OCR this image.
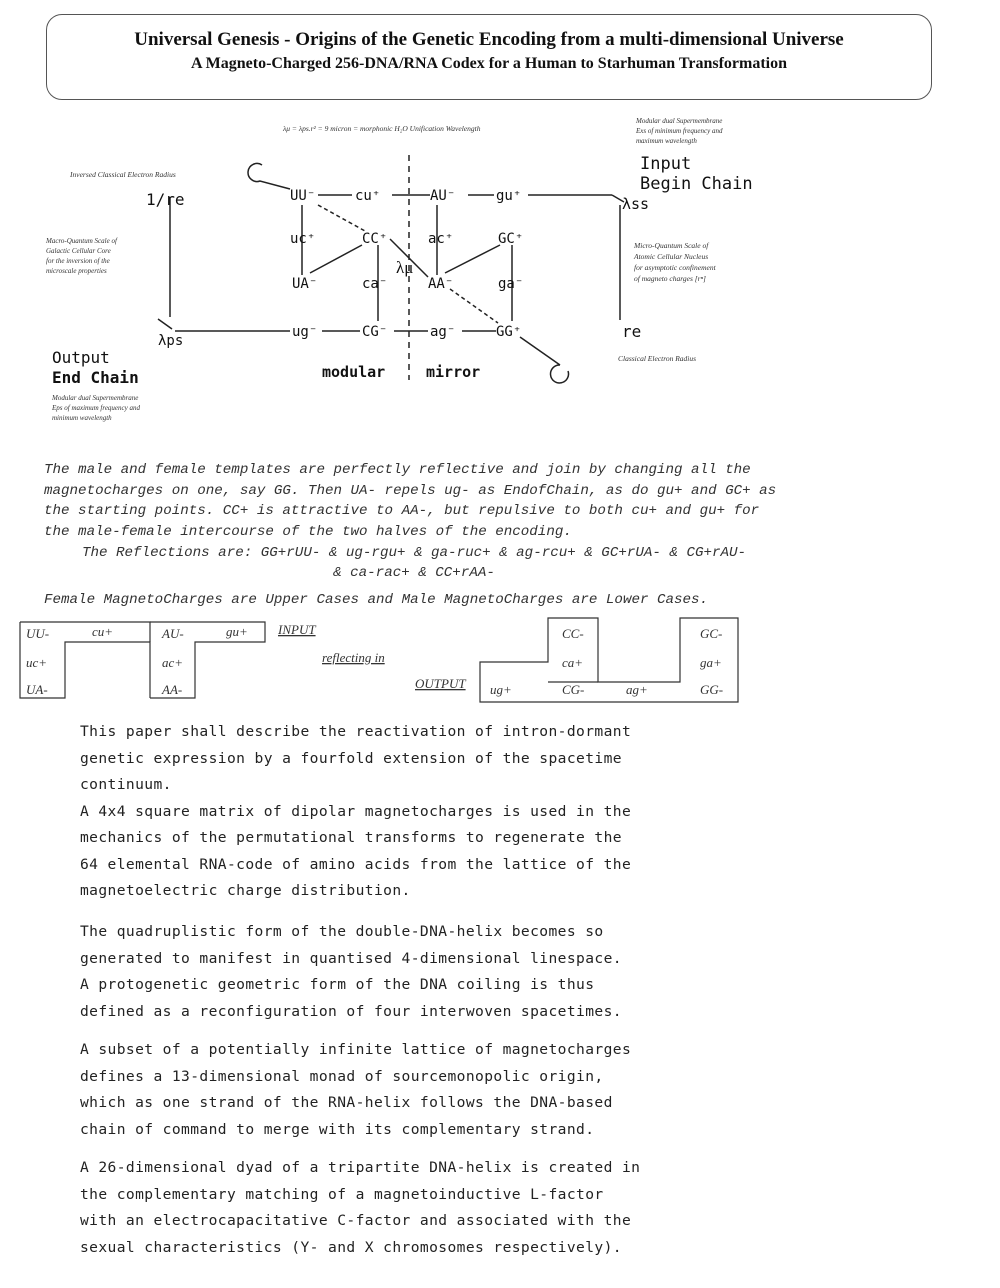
Universal Genesis - Origins of the Genetic Encoding from a multi-dimensional Universe
A Magneto-Charged 256-DNA/RNA Codex for a Human to Starhuman Transformation
UU⁻	cu⁺	AU⁻	gu⁺
uc⁺	CC⁺	ac⁺	GC⁺
UA⁻	ca⁻	AA⁻	ga⁻
ug⁻	CG⁻	ag⁻	GG⁺
λμ
λμ = λps.r² = 9 micron = morphonic H₂O Unification Wavelength
Modular dual Supermembrane Exs of minimum frequency and maximum wavelength
Input
Begin Chain
λss
Micro-Quantum Scale of Atomic Cellular Nucleus for asymptotic confinement of magneto charges [rⁿ]
re
Classical Electron Radius
Inversed Classical Electron Radius
1/re
Macro-Quantum Scale of Galactic Cellular Core for the inversion of the microscale properties
λps
Output
End Chain
Modular dual Supermembrane Eps of maximum frequency and minimum wavelength
modular	mirror
The male and female templates are perfectly reflective and join by changing all the magnetocharges on one, say GG. Then UA- repels ug- as EndofChain, as do gu+ and GC+ as the starting points. CC+ is attractive to AA-, but repulsive to both cu+ and gu+ for the male-female intercourse of the two halves of the encoding.
The Reflections are: GG+rUU- & ug-rgu+ & ga-ruc+ & ag-rcu+ & GC+rUA- & CG+rAU-
& ca-rac+ & CC+rAA-
Female MagnetoCharges are Upper Cases and Male MagnetoCharges are Lower Cases.
UU-	cu+	AU-	gu+
uc+	ac+
UA-	AA-
INPUT
reflecting in
OUTPUT
CC-	GC-
ca+	ga+
ug+	CG-	ag+	GG-
This paper shall describe the reactivation of intron-dormant
genetic expression by a fourfold extension of the spacetime
continuum.
A 4x4 square matrix of dipolar magnetocharges is used in the
mechanics of the permutational transforms to regenerate the
64 elemental RNA-code of amino acids from the lattice of the
magnetoelectric charge distribution.
The quadruplistic form of the double-DNA-helix becomes so
generated to manifest in quantised 4-dimensional linespace.
A protogenetic geometric form of the DNA coiling is thus
defined as a reconfiguration of four interwoven spacetimes.
A subset of a potentially infinite lattice of magnetocharges
defines a 13-dimensional monad of sourcemonopolic origin,
which as one strand of the RNA-helix follows the DNA-based
chain of command to merge with its complementary strand.
A 26-dimensional dyad of a tripartite DNA-helix is created in
the complementary matching of a magnetoinductive L-factor
with an electrocapacitative C-factor and associated with the
sexual characteristics (Y- and X chromosomes respectively).
